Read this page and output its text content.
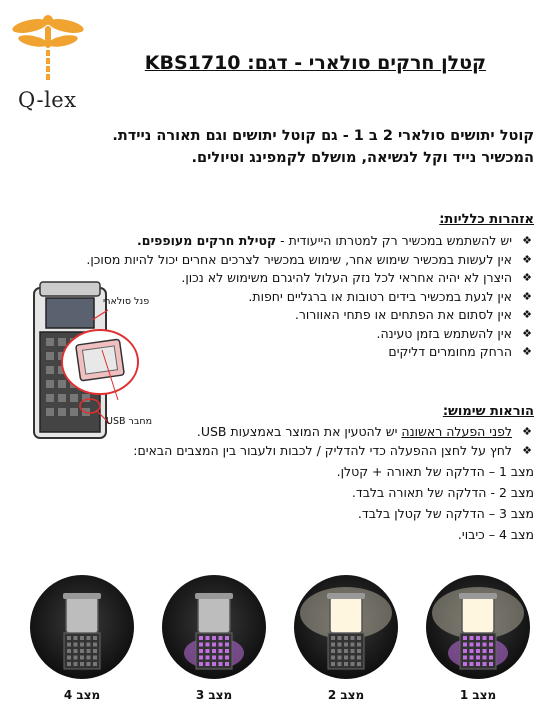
Q-lex
קטלן חרקים סולארי - דגם: KBS1710

קוטל יתושים סולארי 2 ב 1 - גם קוטל יתושים וגם תאורה ניידת.

המכשיר נייד וקל לנשיאה, מושלם לקמפינג וטיולים.

אזהרות כלליות:
❖
יש להשתמש במכשיר רק למטרתו הייעודית - קטילת חרקים מעופפים.
❖
אין לעשות במכשיר שימוש אחר, שימוש במכשיר לצרכים אחרים יכול להיות מסוכן.
❖
היצרן לא יהיה אחראי לכל נזק העלול להיגרם משימוש לא נכון.
❖
אין לגעת במכשיר בידים רטובות או ברגליים יחפות.
❖
אין לסתום את הפתחים או פתחי האוורור.
❖
אין להשתמש בזמן טעינה.
❖
הרחק מחומרים דליקים
פנל סולארי
מחבר USB
הוראות שימוש:
❖
לפני הפעלה ראשונה יש להטעין את המוצר באמצעות USB.
❖
לחץ על לחצן ההפעלה כדי להדליק / לכבות ולעבור בין המצבים הבאים:
מצב 1 – הדלקה של תאורה + קטלן.
מצב 2 - הדלקה של תאורה בלבד.
מצב 3 – הדלקה של קטלן בלבד.
מצב 4 – כיבוי.
מצב 4	מצב 3	מצב 2	מצב 1
